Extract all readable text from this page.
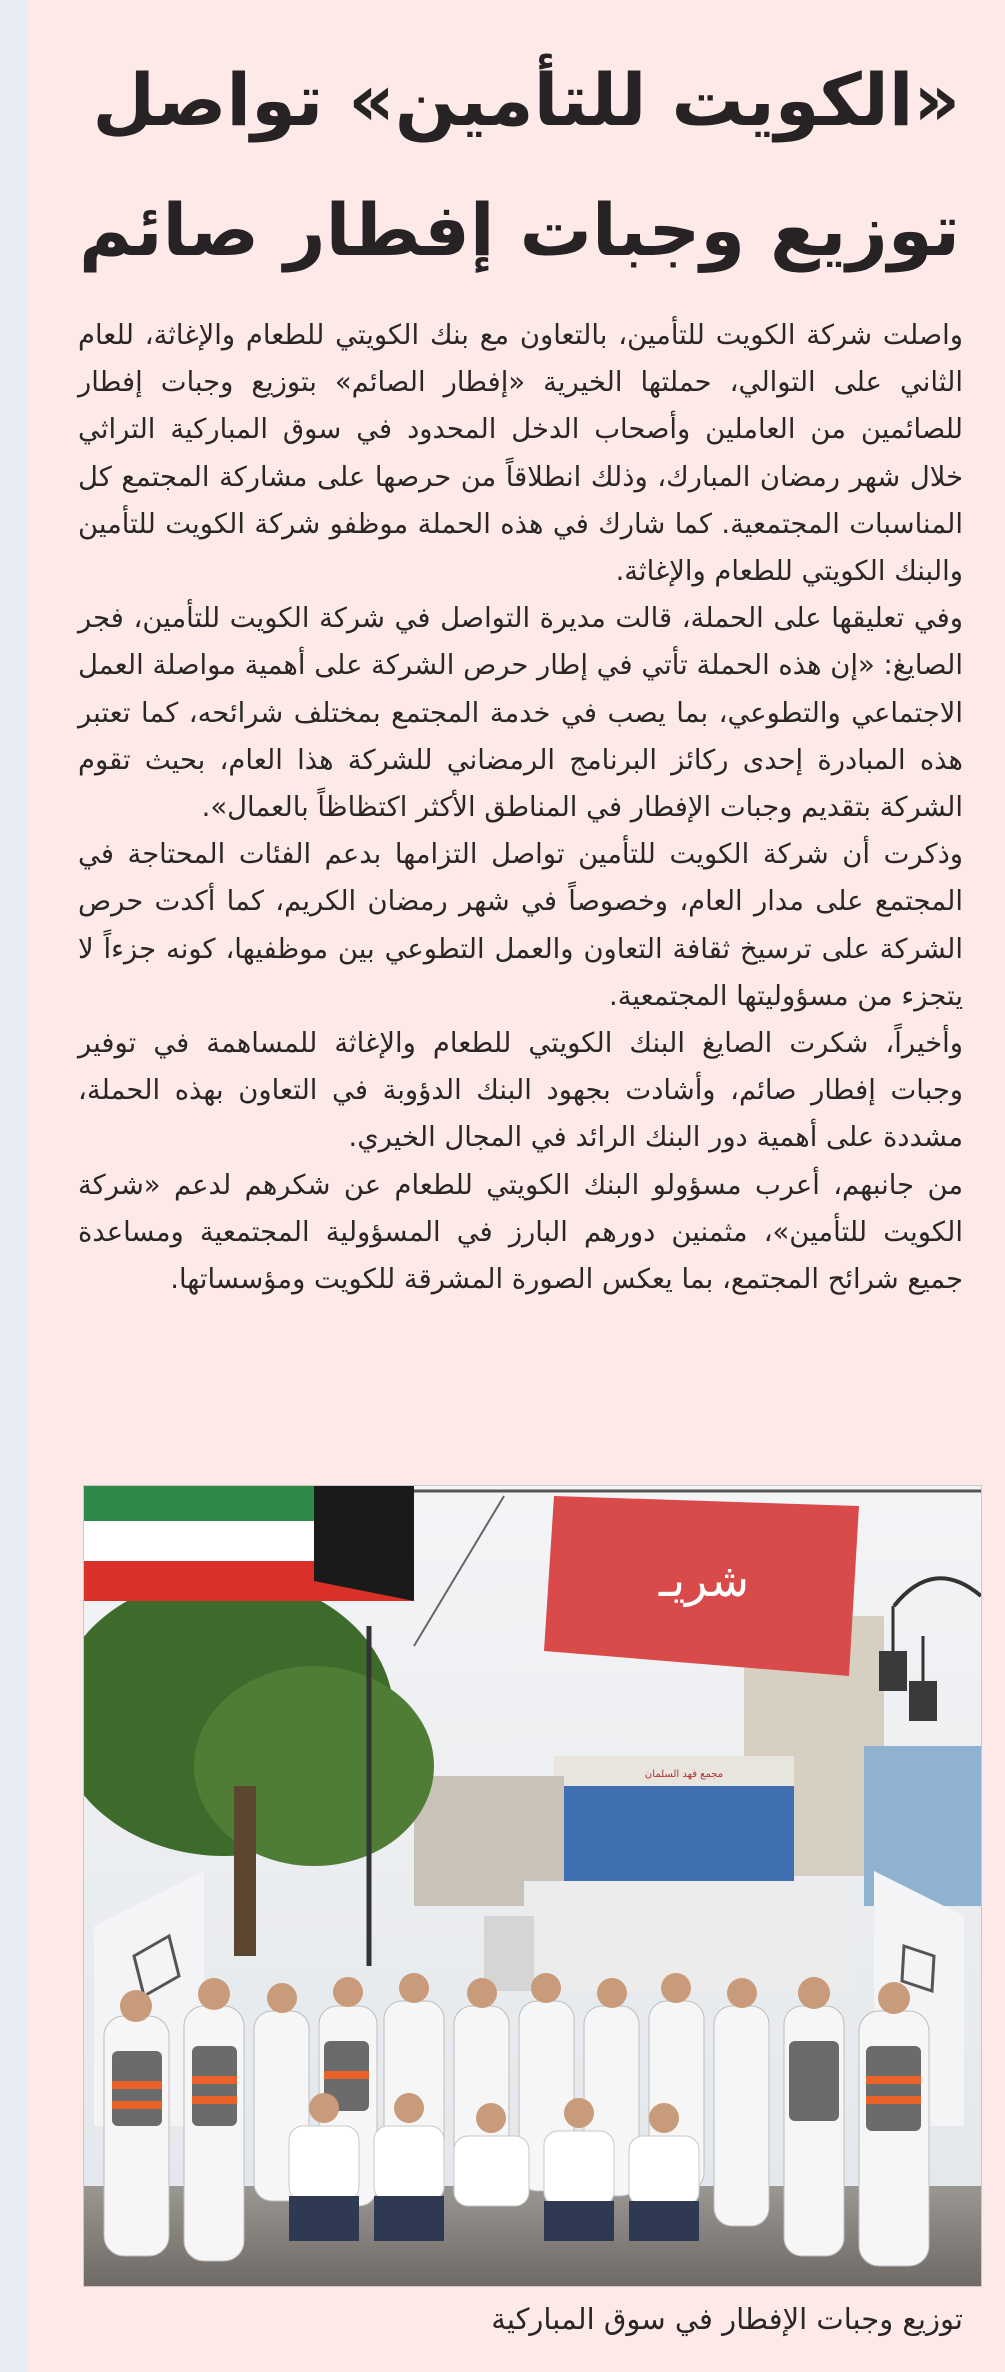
«الكويت للتأمين» تواصل
توزيع وجبات إفطار صائم

واصلت شركة الكويت للتأمين، بالتعاون مع بنك الكويتي للطعام والإغاثة، للعام الثاني على التوالي، حملتها الخيرية «إفطار الصائم» بتوزيع وجبات إفطار للصائمين من العاملين وأصحاب الدخل المحدود في سوق المباركية التراثي خلال شهر رمضان المبارك، وذلك انطلاقاً من حرصها على مشاركة المجتمع كل المناسبات المجتمعية. كما شارك في هذه الحملة موظفو شركة الكويت للتأمين والبنك الكويتي للطعام والإغاثة.

وفي تعليقها على الحملة، قالت مديرة التواصل في شركة الكويت للتأمين، فجر الصايغ: «إن هذه الحملة تأتي في إطار حرص الشركة على أهمية مواصلة العمل الاجتماعي والتطوعي، بما يصب في خدمة المجتمع بمختلف شرائحه، كما تعتبر هذه المبادرة إحدى ركائز البرنامج الرمضاني للشركة هذا العام، بحيث تقوم الشركة بتقديم وجبات الإفطار في المناطق الأكثر اكتظاظاً بالعمال».

وذكرت أن شركة الكويت للتأمين تواصل التزامها بدعم الفئات المحتاجة في المجتمع على مدار العام، وخصوصاً في شهر رمضان الكريم، كما أكدت حرص الشركة على ترسيخ ثقافة التعاون والعمل التطوعي بين موظفيها، كونه جزءاً لا يتجزء من مسؤوليتها المجتمعية.

وأخيراً، شكرت الصايغ البنك الكويتي للطعام والإغاثة للمساهمة في توفير وجبات إفطار صائم، وأشادت بجهود البنك الدؤوبة في التعاون بهذه الحملة، مشددة على أهمية دور البنك الرائد في المجال الخيري.

من جانبهم، أعرب مسؤولو البنك الكويتي للطعام عن شكرهم لدعم «شركة الكويت للتأمين»، مثمنين دورهم البارز في المسؤولية المجتمعية ومساعدة جميع شرائح المجتمع، بما يعكس الصورة المشرقة للكويت ومؤسساتها.

مجمع فهد السلمان
شريـ
توزيع وجبات الإفطار في سوق المباركية
